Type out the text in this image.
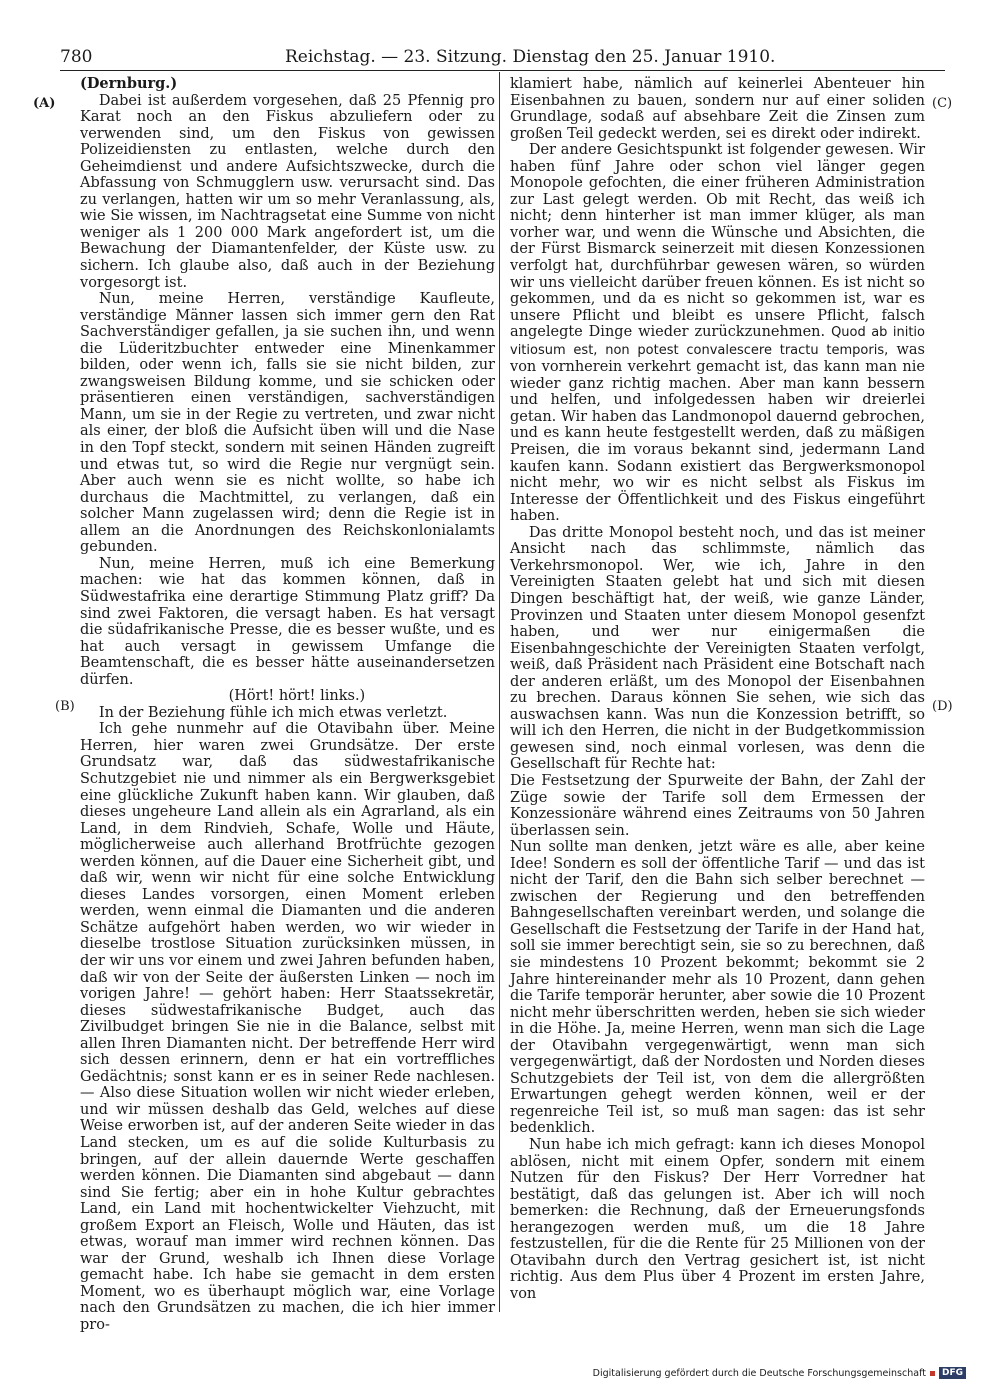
780	Reichstag. — 23. Sitzung. Dienstag den 25. Januar 1910.
(A)
(B)
(C)
(D)

(Dernburg.)

Dabei ist außerdem vorgesehen, daß 25 Pfennig pro Karat noch an den Fiskus abzuliefern oder zu verwenden sind, um den Fiskus von gewissen Polizeidiensten zu entlasten, welche durch den Geheimdienst und andere Aufsichtszwecke, durch die Abfassung von Schmugglern usw. verursacht sind. Das zu verlangen, hatten wir um so mehr Veranlassung, als, wie Sie wissen, im Nachtragsetat eine Summe von nicht weniger als 1 200 000 Mark angefordert ist, um die Bewachung der Diamantenfelder, der Küste usw. zu sichern. Ich glaube also, daß auch in der Beziehung vorgesorgt ist.

Nun, meine Herren, verständige Kaufleute, verständige Männer lassen sich immer gern den Rat Sachverständiger gefallen, ja sie suchen ihn, und wenn die Lüderitzbuchter entweder eine Minenkammer bilden, oder wenn ich, falls sie sie nicht bilden, zur zwangsweisen Bildung komme, und sie schicken oder präsentieren einen verständigen, sachverständigen Mann, um sie in der Regie zu vertreten, und zwar nicht als einer, der bloß die Aufsicht üben will und die Nase in den Topf steckt, sondern mit seinen Händen zugreift und etwas tut, so wird die Regie nur vergnügt sein. Aber auch wenn sie es nicht wollte, so habe ich durchaus die Machtmittel, zu verlangen, daß ein solcher Mann zugelassen wird; denn die Regie ist in allem an die Anordnungen des Reichskonlonialamts gebunden.

Nun, meine Herren, muß ich eine Bemerkung machen: wie hat das kommen können, daß in Südwestafrika eine derartige Stimmung Platz griff? Da sind zwei Faktoren, die versagt haben. Es hat versagt die südafrikanische Presse, die es besser wußte, und es hat auch versagt in gewissem Umfange die Beamtenschaft, die es besser hätte auseinandersetzen dürfen.

(Hört! hört! links.)

In der Beziehung fühle ich mich etwas verletzt.

Ich gehe nunmehr auf die Otavibahn über. Meine Herren, hier waren zwei Grundsätze. Der erste Grundsatz war, daß das südwestafrikanische Schutzgebiet nie und nimmer als ein Bergwerksgebiet eine glückliche Zukunft haben kann. Wir glauben, daß dieses ungeheure Land allein als ein Agrarland, als ein Land, in dem Rindvieh, Schafe, Wolle und Häute, möglicherweise auch allerhand Brotfrüchte gezogen werden können, auf die Dauer eine Sicherheit gibt, und daß wir, wenn wir nicht für eine solche Entwicklung dieses Landes vorsorgen, einen Moment erleben werden, wenn einmal die Diamanten und die anderen Schätze aufgehört haben werden, wo wir wieder in dieselbe trostlose Situation zurücksinken müssen, in der wir uns vor einem und zwei Jahren befunden haben, daß wir von der Seite der äußersten Linken — noch im vorigen Jahre! — gehört haben: Herr Staatssekretär, dieses südwestafrikanische Budget, auch das Zivilbudget bringen Sie nie in die Balance, selbst mit allen Ihren Diamanten nicht. Der betreffende Herr wird sich dessen erinnern, denn er hat ein vortreffliches Gedächtnis; sonst kann er es in seiner Rede nachlesen. — Also diese Situation wollen wir nicht wieder erleben, und wir müssen deshalb das Geld, welches auf diese Weise erworben ist, auf der anderen Seite wieder in das Land stecken, um es auf die solide Kulturbasis zu bringen, auf der allein dauernde Werte geschaffen werden können. Die Diamanten sind abgebaut — dann sind Sie fertig; aber ein in hohe Kultur gebrachtes Land, ein Land mit hochentwickelter Viehzucht, mit großem Export an Fleisch, Wolle und Häuten, das ist etwas, worauf man immer wird rechnen können. Das war der Grund, weshalb ich Ihnen diese Vorlage gemacht habe. Ich habe sie gemacht in dem ersten Moment, wo es überhaupt möglich war, eine Vorlage nach den Grundsätzen zu machen, die ich hier immer pro-

klamiert habe, nämlich auf keinerlei Abenteuer hin Eisenbahnen zu bauen, sondern nur auf einer soliden Grundlage, sodaß auf absehbare Zeit die Zinsen zum großen Teil gedeckt werden, sei es direkt oder indirekt.

Der andere Gesichtspunkt ist folgender gewesen. Wir haben fünf Jahre oder schon viel länger gegen Monopole gefochten, die einer früheren Administration zur Last gelegt werden. Ob mit Recht, das weiß ich nicht; denn hinterher ist man immer klüger, als man vorher war, und wenn die Wünsche und Absichten, die der Fürst Bismarck seinerzeit mit diesen Konzessionen verfolgt hat, durchführbar gewesen wären, so würden wir uns vielleicht darüber freuen können. Es ist nicht so gekommen, und da es nicht so gekommen ist, war es unsere Pflicht und bleibt es unsere Pflicht, falsch angelegte Dinge wieder zurückzunehmen. Quod ab initio vitiosum est, non potest convalescere tractu temporis, was von vornherein verkehrt gemacht ist, das kann man nie wieder ganz richtig machen. Aber man kann bessern und helfen, und infolgedessen haben wir dreierlei getan. Wir haben das Landmonopol dauernd gebrochen, und es kann heute festgestellt werden, daß zu mäßigen Preisen, die im voraus bekannt sind, jedermann Land kaufen kann. Sodann existiert das Bergwerksmonopol nicht mehr, wo wir es nicht selbst als Fiskus im Interesse der Öffentlichkeit und des Fiskus eingeführt haben.

Das dritte Monopol besteht noch, und das ist meiner Ansicht nach das schlimmste, nämlich das Verkehrsmonopol. Wer, wie ich, Jahre in den Vereinigten Staaten gelebt hat und sich mit diesen Dingen beschäftigt hat, der weiß, wie ganze Länder, Provinzen und Staaten unter diesem Monopol gesenfzt haben, und wer nur einigermaßen die Eisenbahngeschichte der Vereinigten Staaten verfolgt, weiß, daß Präsident nach Präsident eine Botschaft nach der anderen erläßt, um des Monopol der Eisenbahnen zu brechen. Daraus können Sie sehen, wie sich das auswachsen kann. Was nun die Konzession betrifft, so will ich den Herren, die nicht in der Budgetkommission gewesen sind, noch einmal vorlesen, was denn die Gesellschaft für Rechte hat:

Die Festsetzung der Spurweite der Bahn, der Zahl der Züge sowie der Tarife soll dem Ermessen der Konzessionäre während eines Zeitraums von 50 Jahren überlassen sein.

Nun sollte man denken, jetzt wäre es alle, aber keine Idee! Sondern es soll der öffentliche Tarif — und das ist nicht der Tarif, den die Bahn sich selber berechnet — zwischen der Regierung und den betreffenden Bahngesellschaften vereinbart werden, und solange die Gesellschaft die Festsetzung der Tarife in der Hand hat, soll sie immer berechtigt sein, sie so zu berechnen, daß sie mindestens 10 Prozent bekommt; bekommt sie 2 Jahre hintereinander mehr als 10 Prozent, dann gehen die Tarife temporär herunter, aber sowie die 10 Prozent nicht mehr überschritten werden, heben sie sich wieder in die Höhe. Ja, meine Herren, wenn man sich die Lage der Otavibahn vergegenwärtigt, wenn man sich vergegenwärtigt, daß der Nordosten und Norden dieses Schutzgebiets der Teil ist, von dem die allergrößten Erwartungen gehegt werden können, weil er der regenreiche Teil ist, so muß man sagen: das ist sehr bedenklich.

Nun habe ich mich gefragt: kann ich dieses Monopol ablösen, nicht mit einem Opfer, sondern mit einem Nutzen für den Fiskus? Der Herr Vorredner hat bestätigt, daß das gelungen ist. Aber ich will noch bemerken: die Rechnung, daß der Erneuerungsfonds herangezogen werden muß, um die 18 Jahre festzustellen, für die die Rente für 25 Millionen von der Otavibahn durch den Vertrag gesichert ist, ist nicht richtig. Aus dem Plus über 4 Prozent im ersten Jahre, von

Digitalisierung gefördert durch die Deutsche Forschungsgemeinschaft	DFG
